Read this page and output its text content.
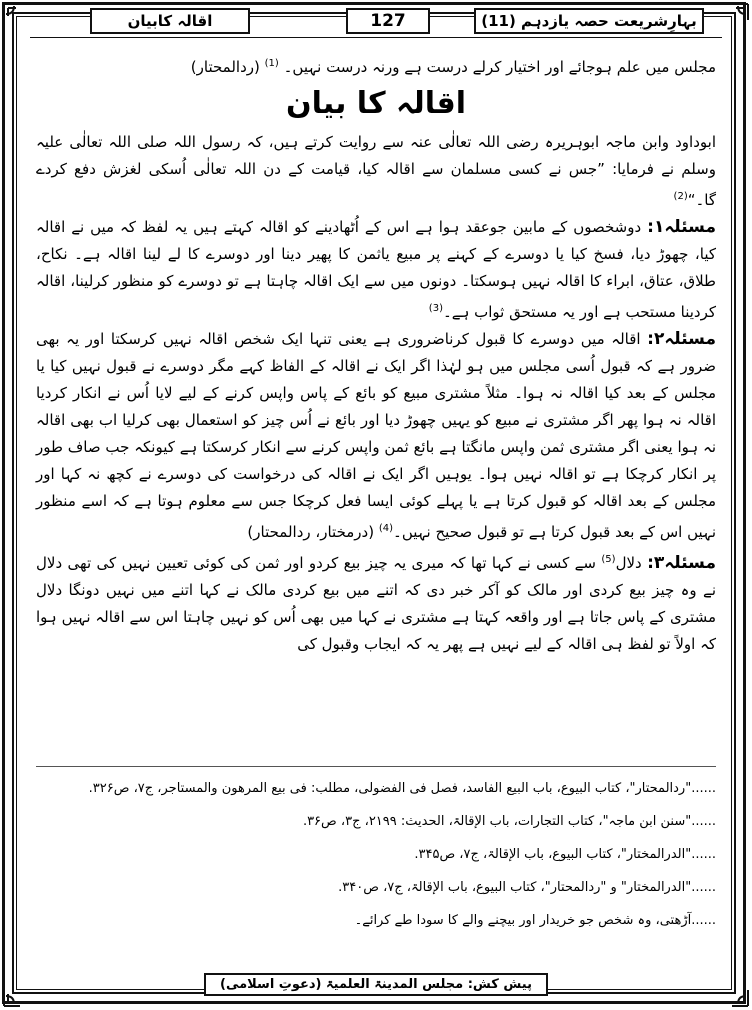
اقالہ کابیان	127	بہارِشریعت حصہ یازدہم (11)

مجلس میں علم ہوجائے اور اختیار کرلے درست ہے ورنہ درست نہیں۔ $^{(1)}$ (ردالمحتار)

اقالہ کا بیان

ابوداود وابن ماجہ ابوہریرہ رضی اللہ تعالٰی عنہ سے روایت کرتے ہیں، کہ رسول اللہ صلی اللہ تعالٰی علیہ وسلم نے فرمایا: ”جس نے کسی مسلمان سے اقالہ کیا، قیامت کے دن اللہ تعالٰی اُسکی لغزش دفع کردے گا۔“$^{(2)}$

مسئلہ۱: دوشخصوں کے مابین جوعقد ہوا ہے اس کے اُٹھادینے کو اقالہ کہتے ہیں یہ لفظ کہ میں نے اقالہ کیا، چھوڑ دیا، فسخ کیا یا دوسرے کے کہنے پر مبیع یاثمن کا پھیر دینا اور دوسرے کا لے لینا اقالہ ہے۔ نکاح، طلاق، عتاق، ابراء کا اقالہ نہیں ہوسکتا۔ دونوں میں سے ایک اقالہ چاہتا ہے تو دوسرے کو منظور کرلینا، اقالہ کردینا مستحب ہے اور یہ مستحق ثواب ہے۔$^{(3)}$

مسئلہ۲: اقالہ میں دوسرے کا قبول کرناضروری ہے یعنی تنہا ایک شخص اقالہ نہیں کرسکتا اور یہ بھی ضرور ہے کہ قبول اُسی مجلس میں ہو لہٰذا اگر ایک نے اقالہ کے الفاظ کہے مگر دوسرے نے قبول نہیں کیا یا مجلس کے بعد کیا اقالہ نہ ہوا۔ مثلاً مشتری مبیع کو بائع کے پاس واپس کرنے کے لیے لایا اُس نے انکار کردیا اقالہ نہ ہوا پھر اگر مشتری نے مبیع کو یہیں چھوڑ دیا اور بائع نے اُس چیز کو استعمال بھی کرلیا اب بھی اقالہ نہ ہوا یعنی اگر مشتری ثمن واپس مانگتا ہے بائع ثمن واپس کرنے سے انکار کرسکتا ہے کیونکہ جب صاف طور پر انکار کرچکا ہے تو اقالہ نہیں ہوا۔ یوہیں اگر ایک نے اقالہ کی درخواست کی دوسرے نے کچھ نہ کہا اور مجلس کے بعد اقالہ کو قبول کرتا ہے یا پہلے کوئی ایسا فعل کرچکا جس سے معلوم ہوتا ہے کہ اسے منظور نہیں اس کے بعد قبول کرتا ہے تو قبول صحیح نہیں۔$^{(4)}$ (درمختار، ردالمحتار)

مسئلہ۳: دلال$^{(5)}$ سے کسی نے کہا تھا کہ میری یہ چیز بیع کردو اور ثمن کی کوئی تعیین نہیں کی تھی دلال نے وہ چیز بیع کردی اور مالک کو آکر خبر دی کہ اتنے میں بیع کردی مالک نے کہا اتنے میں نہیں دونگا دلال مشتری کے پاس جاتا ہے اور واقعہ کہتا ہے مشتری نے کہا میں بھی اُس کو نہیں چاہتا اس سے اقالہ نہیں ہوا کہ اولاً تو لفظ ہی اقالہ کے لیے نہیں ہے پھر یہ کہ ایجاب وقبول کی

......"ردالمحتار"، کتاب البیوع، باب البیع الفاسد، فصل فی الفضولی، مطلب: فی بیع المرھون والمستاجر، ج۷، ص۳۲۶.

......"سنن ابن ماجہ"، کتاب التجارات، باب الإقالۃ، الحدیث: ۲۱۹۹، ج۳، ص۳۶.

......"الدرالمختار"، کتاب البیوع، باب الإقالۃ، ج۷، ص۳۴۵.

......"الدرالمختار" و "ردالمحتار"، کتاب البیوع، باب الإقالۃ، ج۷، ص۳۴۰.

......آڑھتی، وہ شخص جو خریدار اور بیچنے والے کا سودا طے کرائے۔

پیش کش: مجلس المدینۃ العلمیۃ (دعوتِ اسلامی)
